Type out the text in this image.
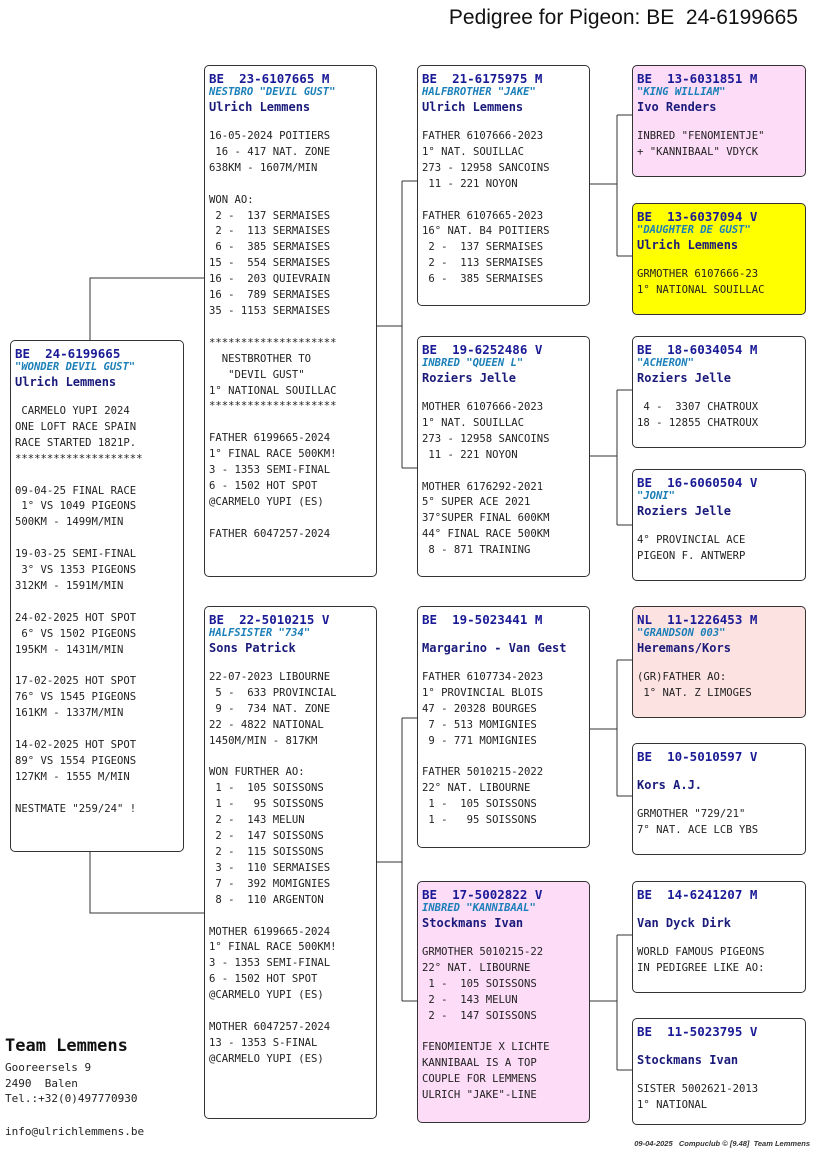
Pedigree for Pigeon: BE  24-6199665
BE  24-6199665
"WONDER DEVIL GUST"
Ulrich Lemmens
CARMELO YUPI 2024
ONE LOFT RACE SPAIN
RACE STARTED 1821P.
********************

09-04-25 FINAL RACE
1° VS 1049 PIGEONS
500KM - 1499M/MIN

19-03-25 SEMI-FINAL
3° VS 1353 PIGEONS
312KM - 1591M/MIN

24-02-2025 HOT SPOT
6° VS 1502 PIGEONS
195KM - 1431M/MIN

17-02-2025 HOT SPOT
76° VS 1545 PIGEONS
161KM - 1337M/MIN

14-02-2025 HOT SPOT
89° VS 1554 PIGEONS
127KM - 1555 M/MIN

NESTMATE "259/24" !
BE  23-6107665 M
NESTBRO "DEVIL GUST"
Ulrich Lemmens
16-05-2024 POITIERS
16 - 417 NAT. ZONE
638KM - 1607M/MIN

WON AO:
2 -  137 SERMAISES
2 -  113 SERMAISES
6 -  385 SERMAISES
15 -  554 SERMAISES
16 -  203 QUIEVRAIN
16 -  789 SERMAISES
35 - 1153 SERMAISES

********************
NESTBROTHER TO
"DEVIL GUST"
1° NATIONAL SOUILLAC
********************

FATHER 6199665-2024
1° FINAL RACE 500KM!
3 - 1353 SEMI-FINAL
6 - 1502 HOT SPOT
@CARMELO YUPI (ES)

FATHER 6047257-2024
BE  22-5010215 V
HALFSISTER "734"
Sons Patrick
22-07-2023 LIBOURNE
5 -  633 PROVINCIAL
9 -  734 NAT. ZONE
22 - 4822 NATIONAL
1450M/MIN - 817KM

WON FURTHER AO:
1 -  105 SOISSONS
1 -   95 SOISSONS
2 -  143 MELUN
2 -  147 SOISSONS
2 -  115 SOISSONS
3 -  110 SERMAISES
7 -  392 MOMIGNIES
8 -  110 ARGENTON

MOTHER 6199665-2024
1° FINAL RACE 500KM!
3 - 1353 SEMI-FINAL
6 - 1502 HOT SPOT
@CARMELO YUPI (ES)

MOTHER 6047257-2024
13 - 1353 S-FINAL
@CARMELO YUPI (ES)
BE  21-6175975 M
HALFBROTHER "JAKE"
Ulrich Lemmens
FATHER 6107666-2023
1° NAT. SOUILLAC
273 - 12958 SANCOINS
11 - 221 NOYON

FATHER 6107665-2023
16° NAT. B4 POITIERS
2 -  137 SERMAISES
2 -  113 SERMAISES
6 -  385 SERMAISES
BE  19-6252486 V
INBRED "QUEEN L"
Roziers Jelle
MOTHER 6107666-2023
1° NAT. SOUILLAC
273 - 12958 SANCOINS
11 - 221 NOYON

MOTHER 6176292-2021
5° SUPER ACE 2021
37°SUPER FINAL 600KM
44° FINAL RACE 500KM
8 - 871 TRAINING
BE  19-5023441 M
Margarino - Van Gest
FATHER 6107734-2023
1° PROVINCIAL BLOIS
47 - 20328 BOURGES
7 - 513 MOMIGNIES
9 - 771 MOMIGNIES

FATHER 5010215-2022
22° NAT. LIBOURNE
1 -  105 SOISSONS
1 -   95 SOISSONS
BE  17-5002822 V
INBRED "KANNIBAAL"
Stockmans Ivan
GRMOTHER 5010215-22
22° NAT. LIBOURNE
1 -  105 SOISSONS
2 -  143 MELUN
2 -  147 SOISSONS

FENOMIENTJE X LICHTE
KANNIBAAL IS A TOP
COUPLE FOR LEMMENS
ULRICH "JAKE"-LINE
BE  13-6031851 M
"KING WILLIAM"
Ivo Renders
INBRED "FENOMIENTJE"
+ "KANNIBAAL" VDYCK
BE  13-6037094 V
"DAUGHTER DE GUST"
Ulrich Lemmens
GRMOTHER 6107666-23
1° NATIONAL SOUILLAC
BE  18-6034054 M
"ACHERON"
Roziers Jelle
4 -  3307 CHATROUX
18 - 12855 CHATROUX
BE  16-6060504 V
"JONI"
Roziers Jelle
4° PROVINCIAL ACE
PIGEON F. ANTWERP
NL  11-1226453 M
"GRANDSON 003"
Heremans/Kors
(GR)FATHER AO:
1° NAT. Z LIMOGES
BE  10-5010597 V
Kors A.J.
GRMOTHER "729/21"
7° NAT. ACE LCB YBS
BE  14-6241207 M
Van Dyck Dirk
WORLD FAMOUS PIGEONS
IN PEDIGREE LIKE AO:
BE  11-5023795 V
Stockmans Ivan
SISTER 5002621-2013
1° NATIONAL
Team Lemmens
Gooreersels 9
2490  Balen
Tel.:+32(0)497770930
info@ulrichlemmens.be
09-04-2025   Compuclub © [9.48]  Team Lemmens
